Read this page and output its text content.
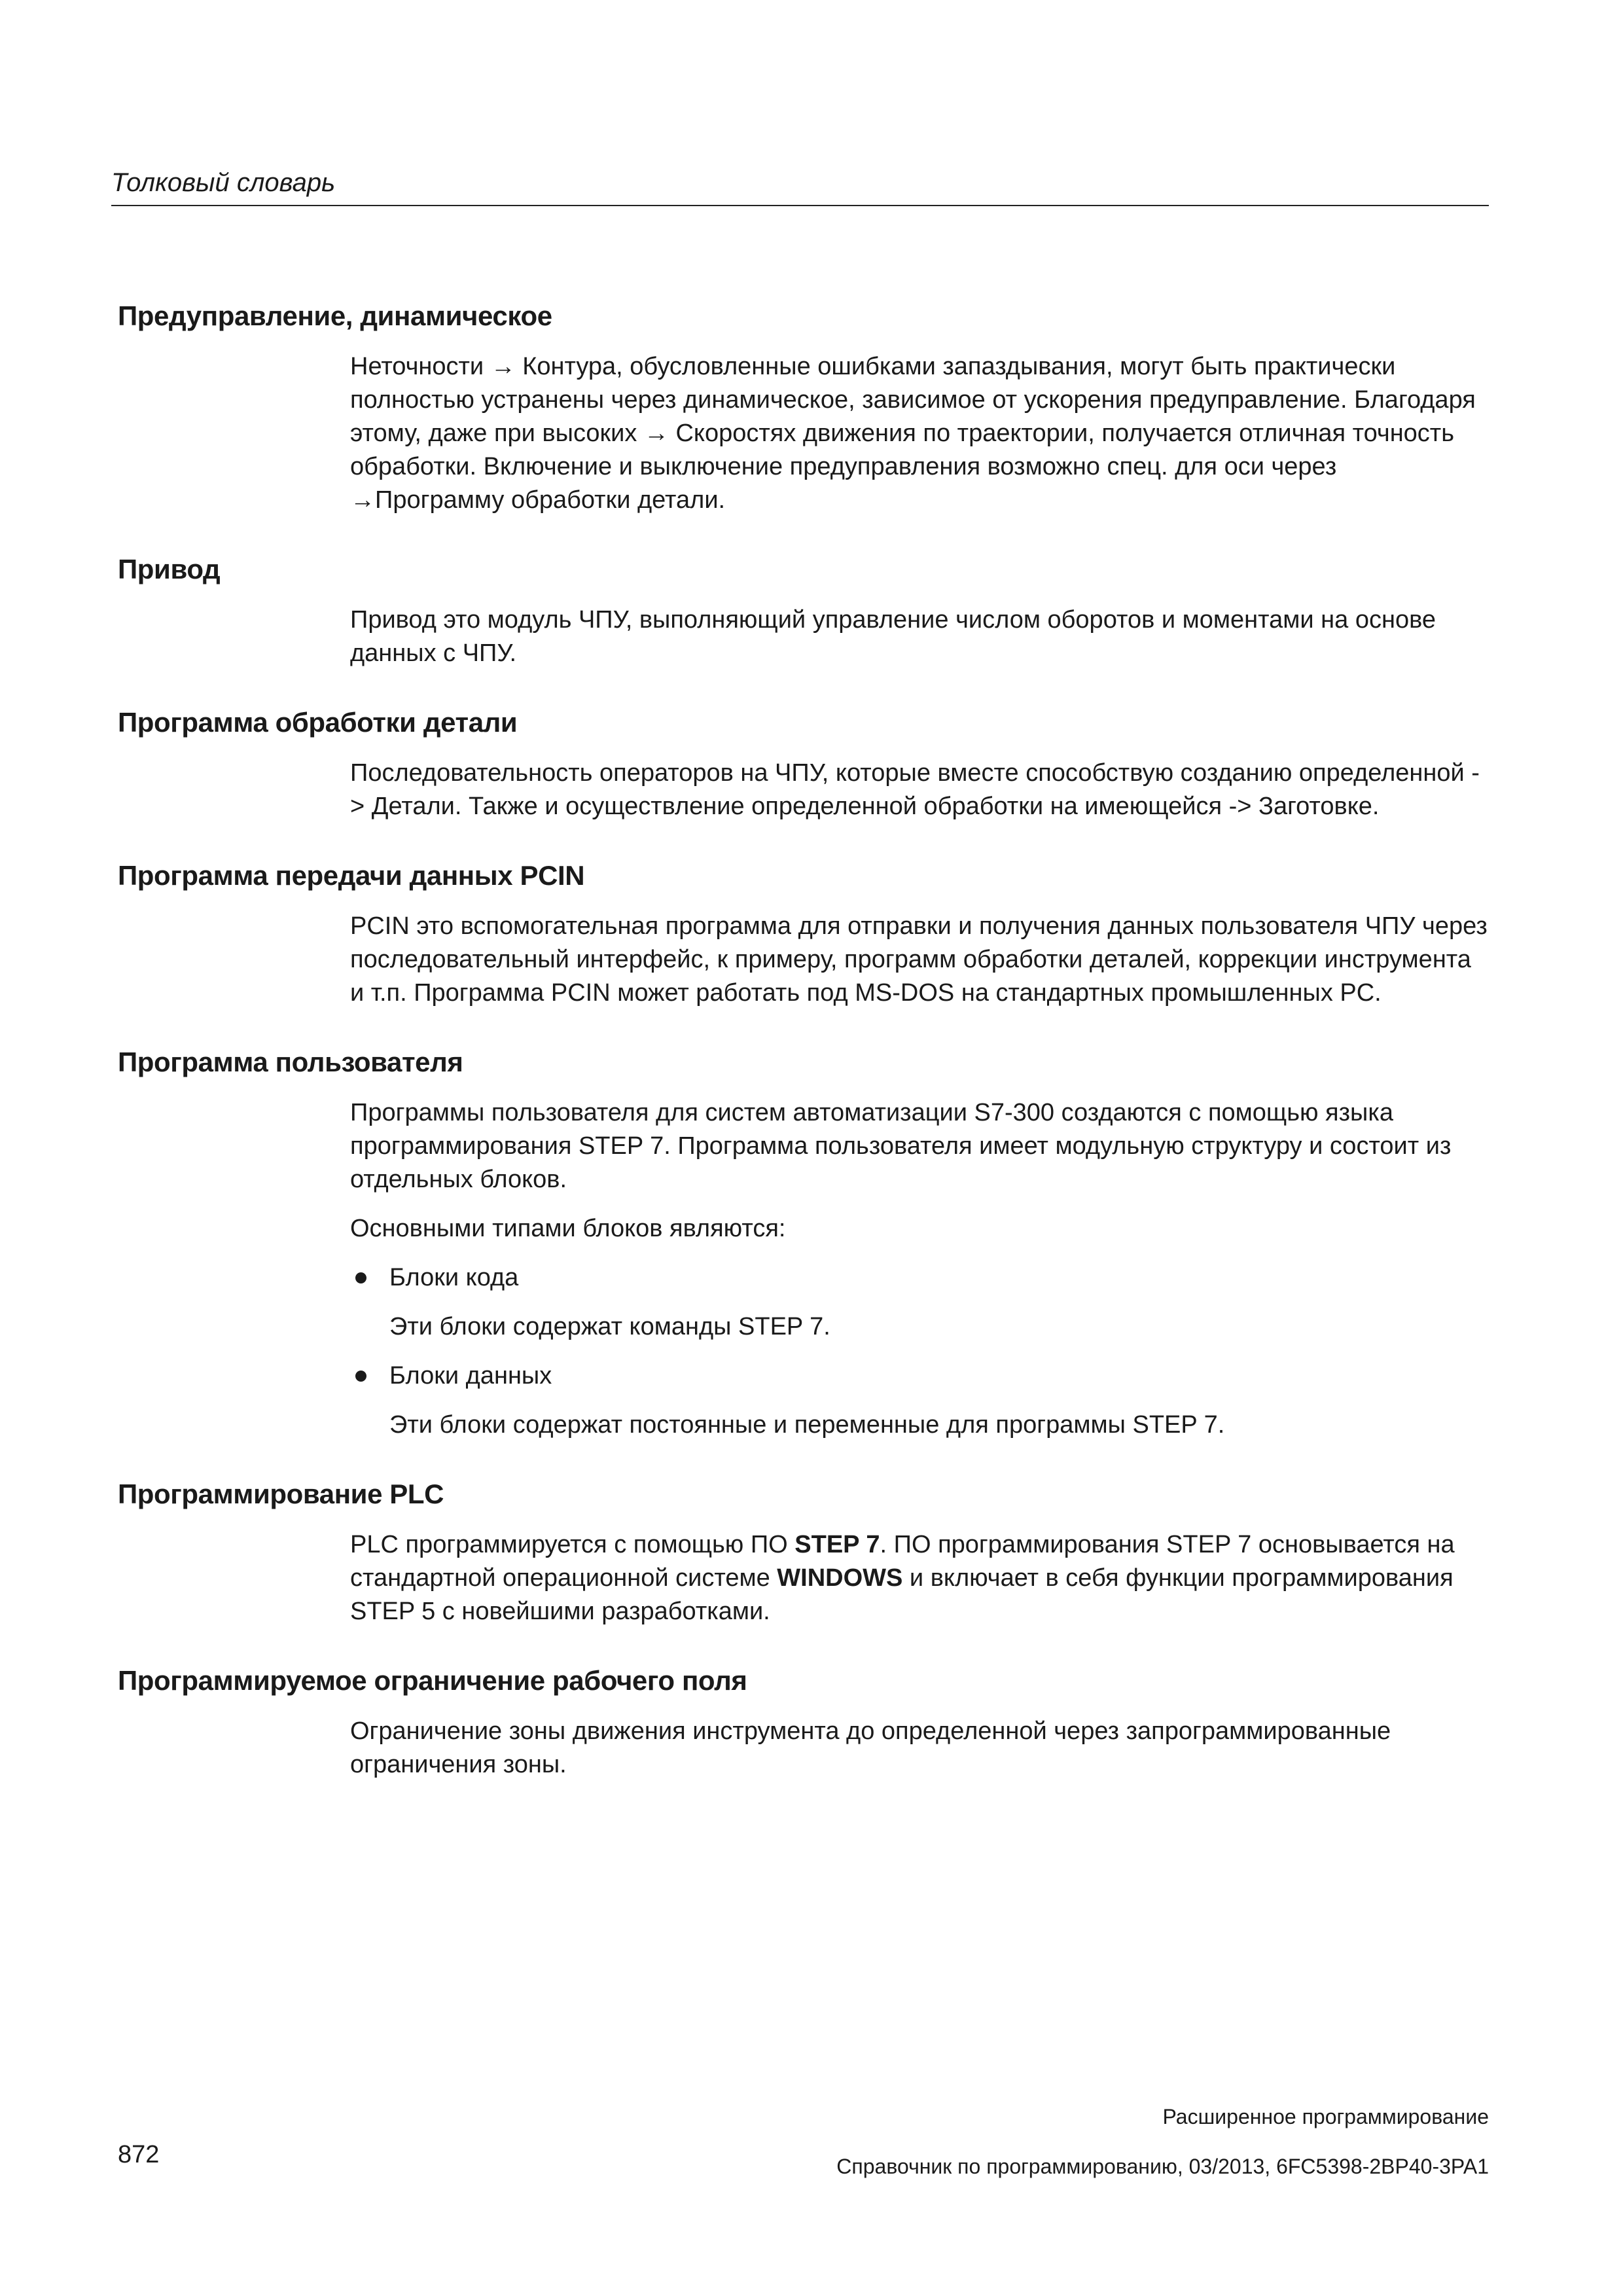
Толковый словарь
Предуправление, динамическое

Неточности → Контура, обусловленные ошибками запаздывания, могут быть практически полностью устранены через динамическое, зависимое от ускорения предуправление. Благодаря этому, даже при высоких → Скоростях движения по траектории, получается отличная точность обработки. Включение и выключение предуправления возможно спец. для оси через →Программу обработки детали.

Привод

Привод это модуль ЧПУ, выполняющий управление числом оборотов и моментами на основе данных с ЧПУ.

Программа обработки детали

Последовательность операторов на ЧПУ, которые вместе способствую созданию определенной -> Детали. Также и осуществление определенной обработки на имеющейся -> Заготовке.

Программа передачи данных PCIN

PCIN это вспомогательная программа для отправки и получения данных пользователя ЧПУ через последовательный интерфейс, к примеру, программ обработки деталей, коррекции инструмента и т.п. Программа PCIN может работать под MS-DOS на стандартных промышленных PC.

Программа пользователя

Программы пользователя для систем автоматизации S7-300 создаются с помощью языка программирования STEP 7. Программа пользователя имеет модульную структуру и состоит из отдельных блоков.

Основными типами блоков являются:

Блоки кода
Эти блоки содержат команды STEP 7.
Блоки данных
Эти блоки содержат постоянные и переменные для программы STEP 7.
Программирование PLC

PLC программируется с помощью ПО STEP 7. ПО программирования STEP 7 основывается на стандартной операционной системе WINDOWS и включает в себя функции программирования STEP 5 с новейшими разработками.

Программируемое ограничение рабочего поля

Ограничение зоны движения инструмента до определенной через запрограммированные ограничения зоны.

872
Расширенное программирование
Справочник по программированию, 03/2013, 6FC5398-2BP40-3PA1
